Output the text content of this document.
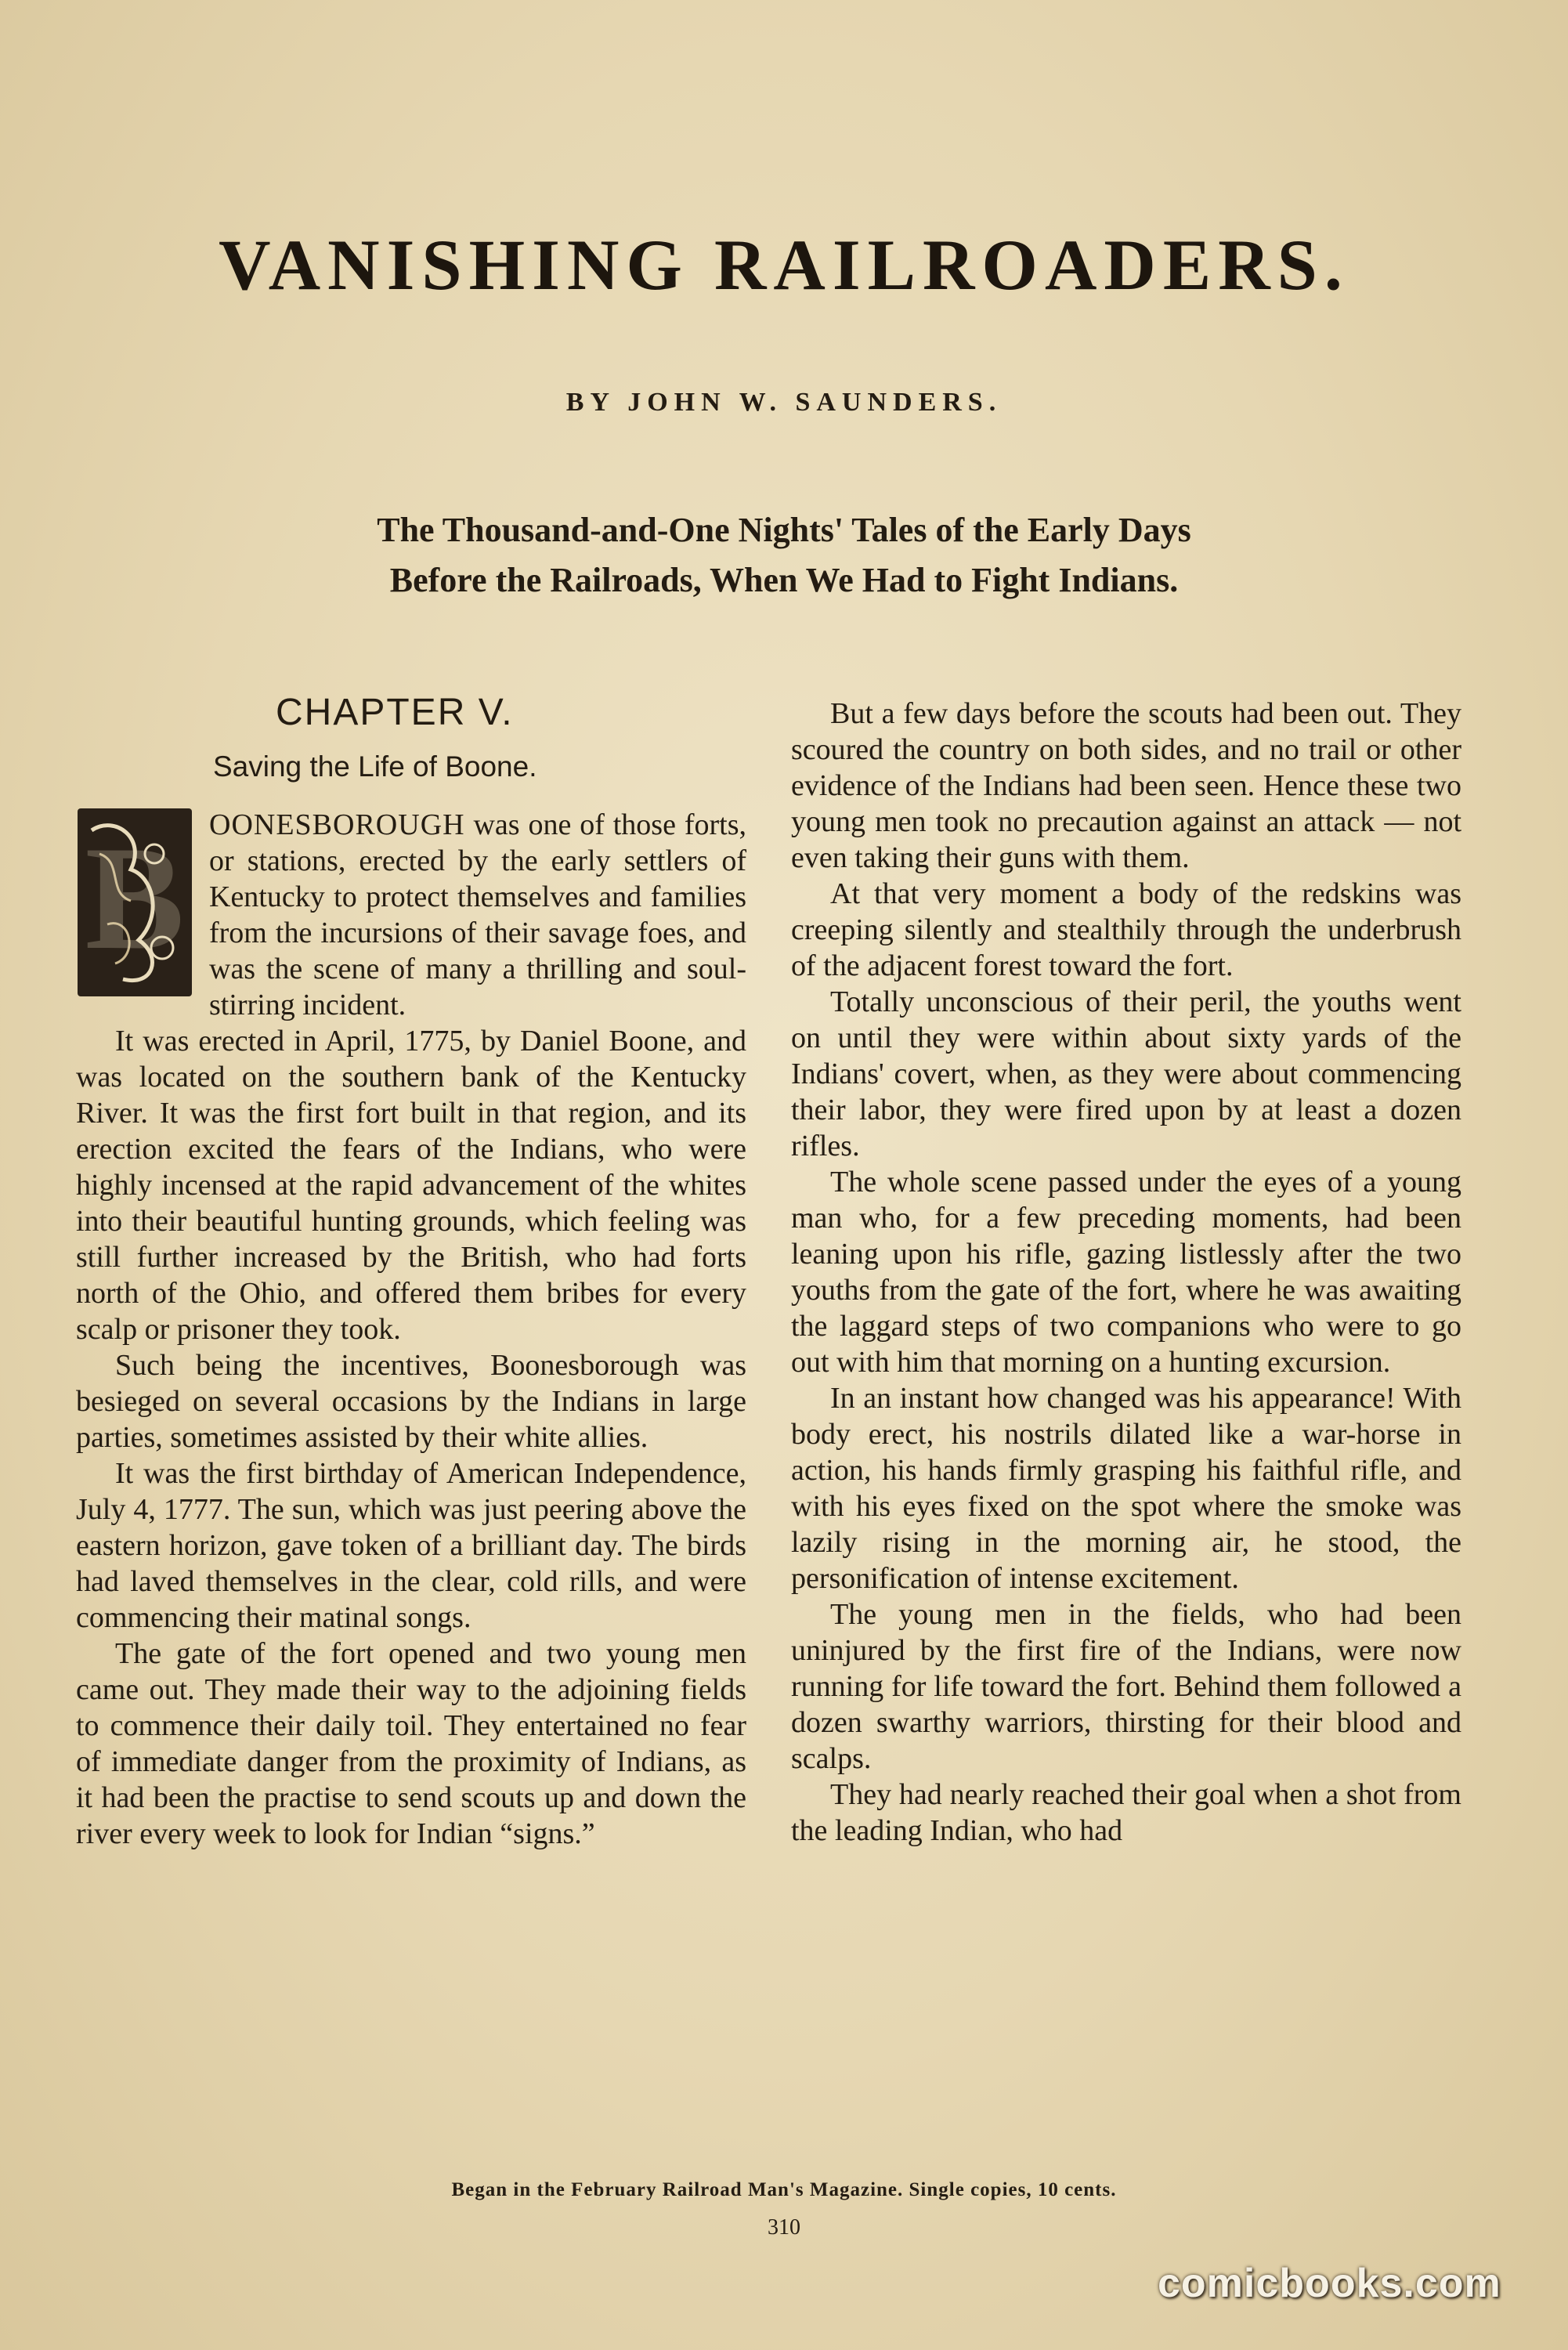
VANISHING RAILROADERS.

BY JOHN W. SAUNDERS.

The Thousand-and-One Nights' Tales of the Early Days
Before the Railroads, When We Had to Fight Indians.
CHAPTER V.
Saving the Life of Boone.
B OONESBOROUGH was one of those forts, or stations, erected by the early settlers of Kentucky to protect themselves and families from the incursions of their savage foes, and was the scene of many a thrilling and soul-stirring incident.

It was erected in April, 1775, by Daniel Boone, and was located on the southern bank of the Kentucky River. It was the first fort built in that region, and its erection excited the fears of the Indians, who were highly incensed at the rapid advancement of the whites into their beautiful hunting grounds, which feeling was still further increased by the British, who had forts north of the Ohio, and offered them bribes for every scalp or prisoner they took.

Such being the incentives, Boonesborough was besieged on several occasions by the Indians in large parties, sometimes assisted by their white allies.

It was the first birthday of American Independence, July 4, 1777. The sun, which was just peering above the eastern horizon, gave token of a brilliant day. The birds had laved themselves in the clear, cold rills, and were commencing their matinal songs.

The gate of the fort opened and two young men came out. They made their way to the adjoining fields to commence their daily toil. They entertained no fear of immediate danger from the proximity of Indians, as it had been the practise to send scouts up and down the river every week to look for Indian “signs.”

But a few days before the scouts had been out. They scoured the country on both sides, and no trail or other evidence of the Indians had been seen. Hence these two young men took no precaution against an attack — not even taking their guns with them.

At that very moment a body of the redskins was creeping silently and stealthily through the underbrush of the adjacent forest toward the fort.

Totally unconscious of their peril, the youths went on until they were within about sixty yards of the Indians' covert, when, as they were about commencing their labor, they were fired upon by at least a dozen rifles.

The whole scene passed under the eyes of a young man who, for a few preceding moments, had been leaning upon his rifle, gazing listlessly after the two youths from the gate of the fort, where he was awaiting the laggard steps of two companions who were to go out with him that morning on a hunting excursion.

In an instant how changed was his appearance! With body erect, his nostrils dilated like a war-horse in action, his hands firmly grasping his faithful rifle, and with his eyes fixed on the spot where the smoke was lazily rising in the morning air, he stood, the personification of intense excitement.

The young men in the fields, who had been uninjured by the first fire of the Indians, were now running for life toward the fort. Behind them followed a dozen swarthy warriors, thirsting for their blood and scalps.

They had nearly reached their goal when a shot from the leading Indian, who had

Began in the February Railroad Man's Magazine. Single copies, 10 cents.

310

comicbooks.com
